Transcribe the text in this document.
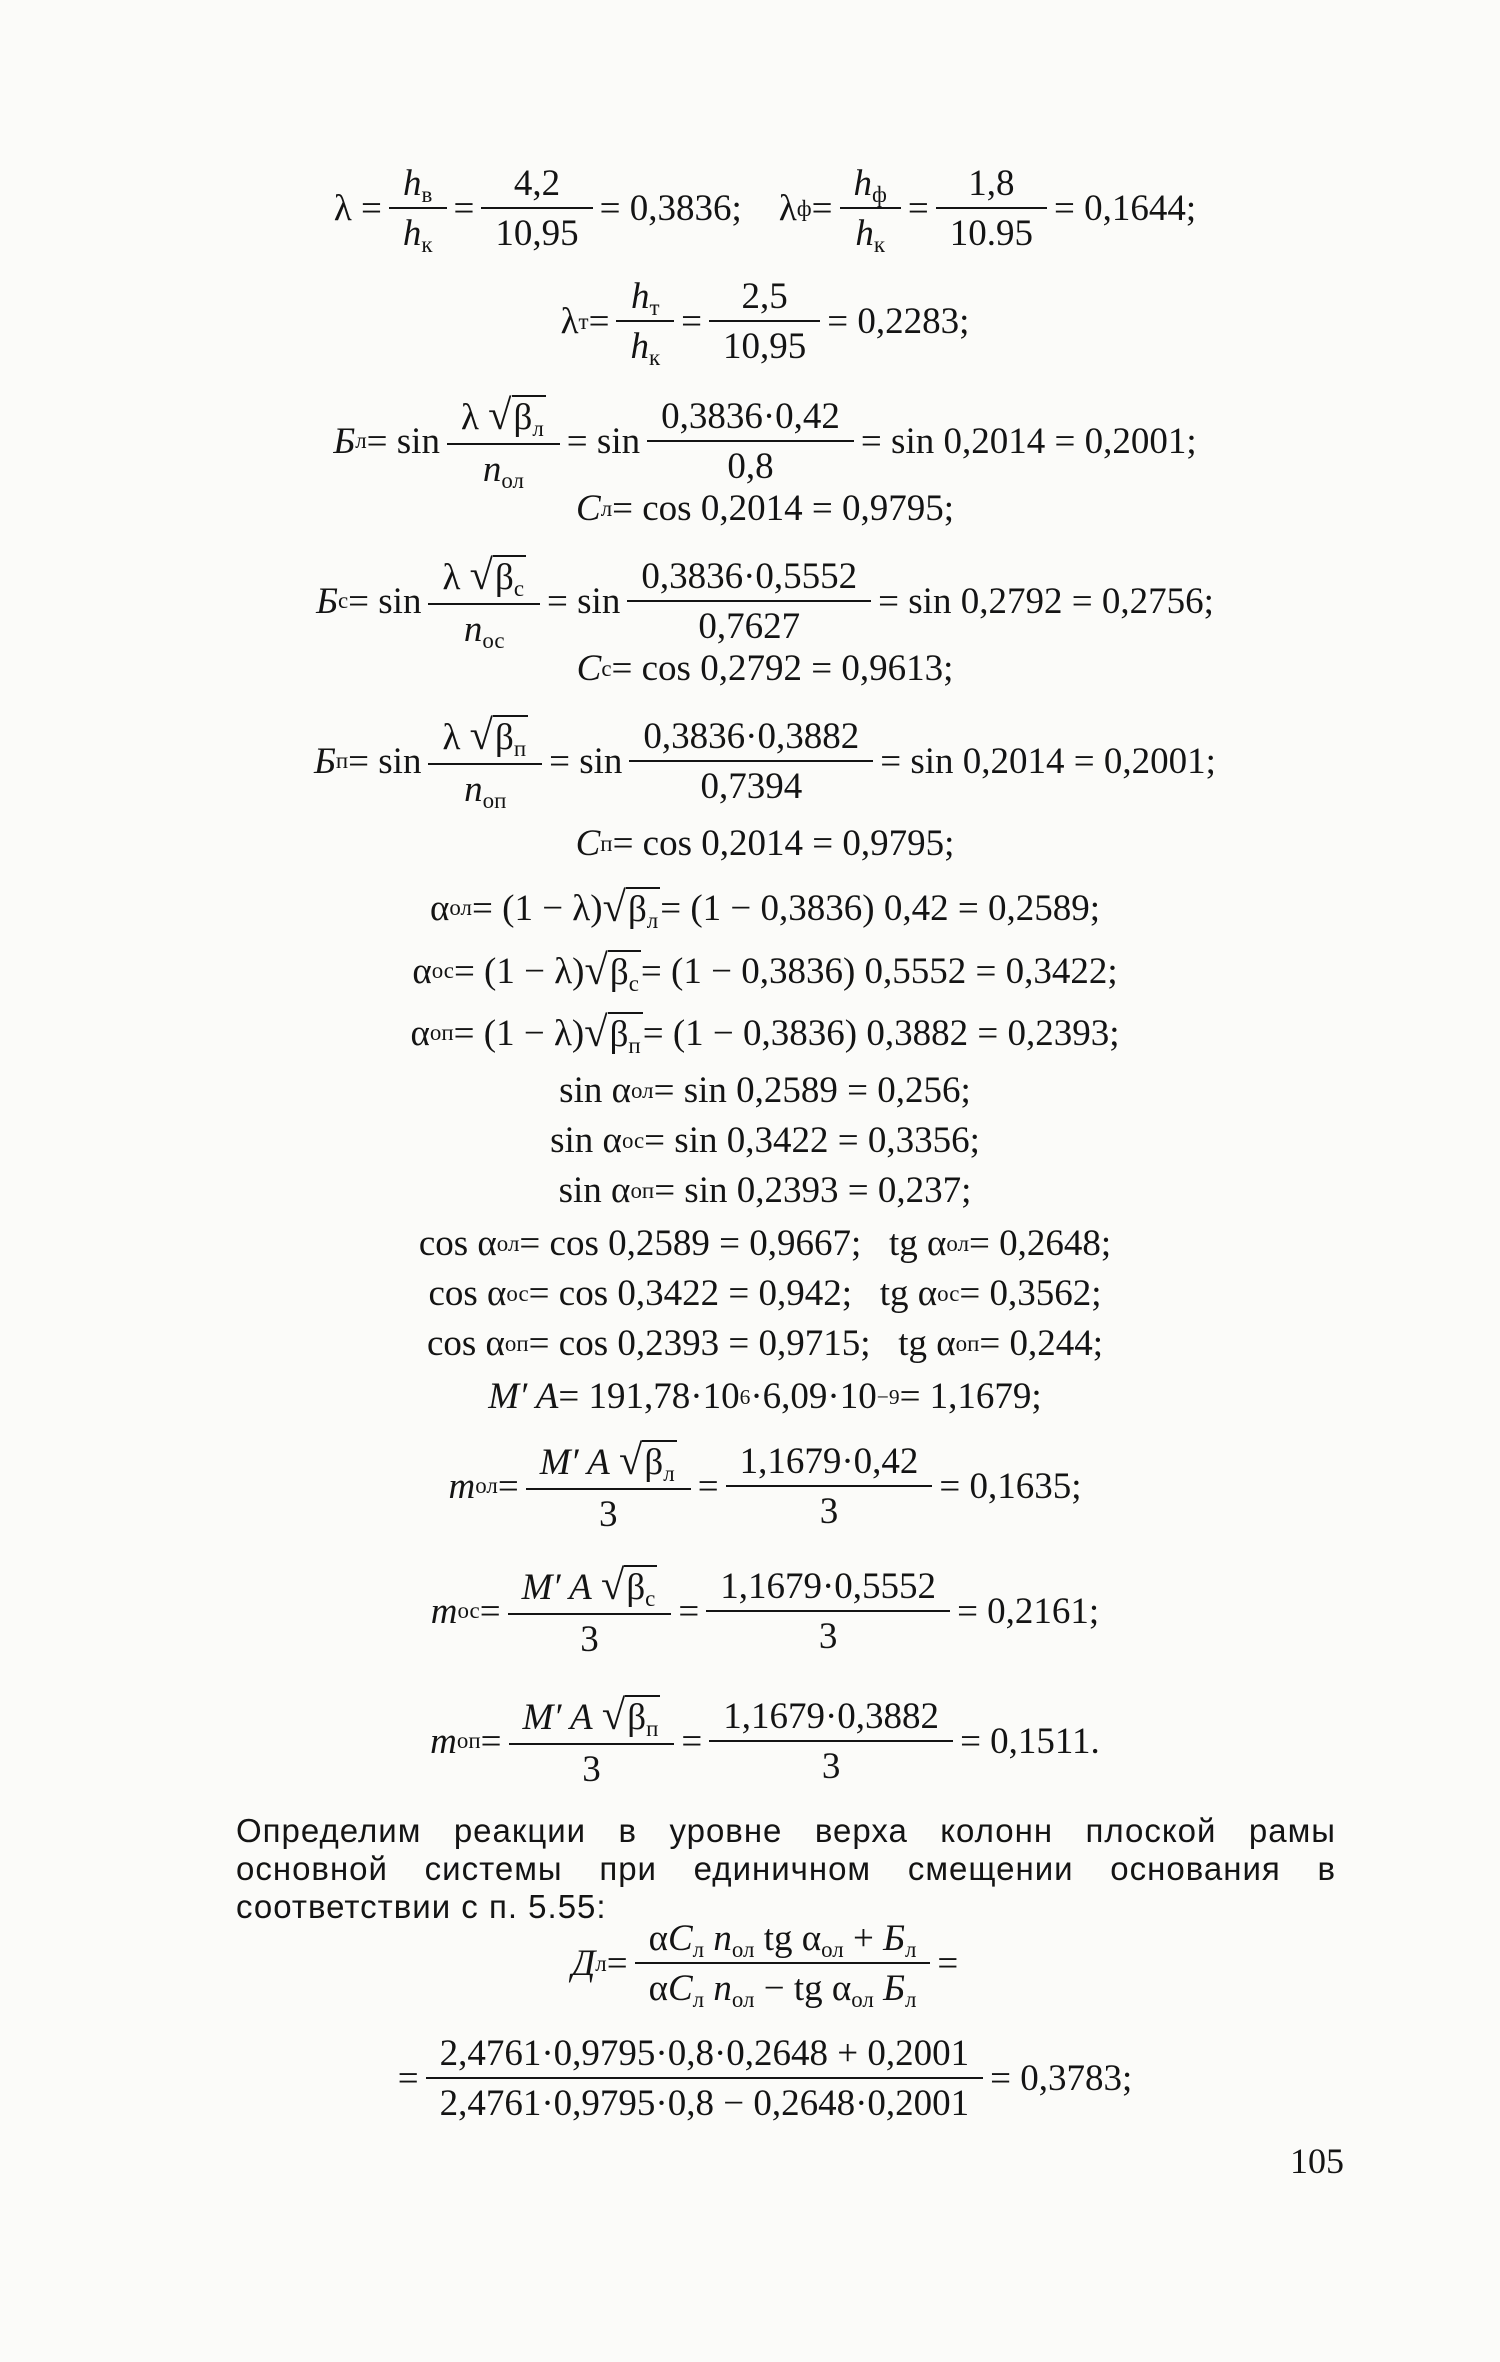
$\lambda = \frac{h_в}{h_к} = \frac{4,2}{10,95} = 0,3836$;    λ $ф = \frac{h_ф}{h_к} = \frac{1,8}{10.95} = 0,1644$;
λ $т = \frac{h_т}{h_к} = \frac{2,5}{10,95} = 0,2283$;
Б $л = \sin \frac{\lambda √\beta_л}{n_{ол}} = \sin \frac{0,3836\cdot 0,42}{0,8} = \sin 0,2014 = 0,2001$;
С л = cos 0,2014 = 0,9795;
Б $с = \sin \frac{\lambda √\beta_с}{n_{ос}} = \sin \frac{0,3836\cdot 0,5552}{0,7627} = \sin 0,2792 = 0,2756$;
С с = cos 0,2792 = 0,9613;
Б $п = \sin \frac{\lambda √\beta_п}{n_{оп}} = \sin \frac{0,3836\cdot 0,3882}{0,7394} = \sin 0,2014 = 0,2001$;
С п = cos 0,2014 = 0,9795;
α ол = (1 − λ) $√\beta_л = (1 - 0,3836) 0,42 = 0,2589$;
α ос = (1 − λ) $√\beta_с = (1 - 0,3836) 0,5552 = 0,3422$;
α оп = (1 − λ) $√\beta_п = (1 - 0,3836) 0,3882 = 0,2393$;
sin α ол = sin 0,2589 = 0,256;
sin α ос = sin 0,3422 = 0,3356;
sin α оп = sin 0,2393 = 0,237;
cos α ол = cos 0,2589 = 0,9667;   tg α ол = 0,2648;
cos α ос = cos 0,3422 = 0,942;   tg α ос = 0,3562;
cos α оп = cos 0,2393 = 0,9715;   tg α оп = 0,244;
M′ A = 191,78·10 6 ·6,09·10 −9 = 1,1679;
m ол = $\frac{M' A √\beta_л}{3} = \frac{1,1679\cdot 0,42}{3} = 0,1635$;
m ос = $\frac{M' A √\beta_с}{3} = \frac{1,1679\cdot 0,5552}{3} = 0,2161$;
m оп = $\frac{M' A √\beta_п}{3} = \frac{1,1679\cdot 0,3882}{3} = 0,1511$.
Определим реакции в уровне верха колонн плоской рамы основной системы при единичном смещении основания в соответствии с п. 5.55:
Д $л = \frac{\alpha С_л n_{ол} tg \alpha_{ол} + Б_л}{\alpha С_л n_{ол} - tg \alpha_{ол} Б_л}$ =
= $\frac{2,4761\cdot 0,9795\cdot 0,8\cdot 0,2648 + 0,2001}{2,4761\cdot 0,9795\cdot 0,8 - 0,2648\cdot 0,2001} = 0,3783$;
105
